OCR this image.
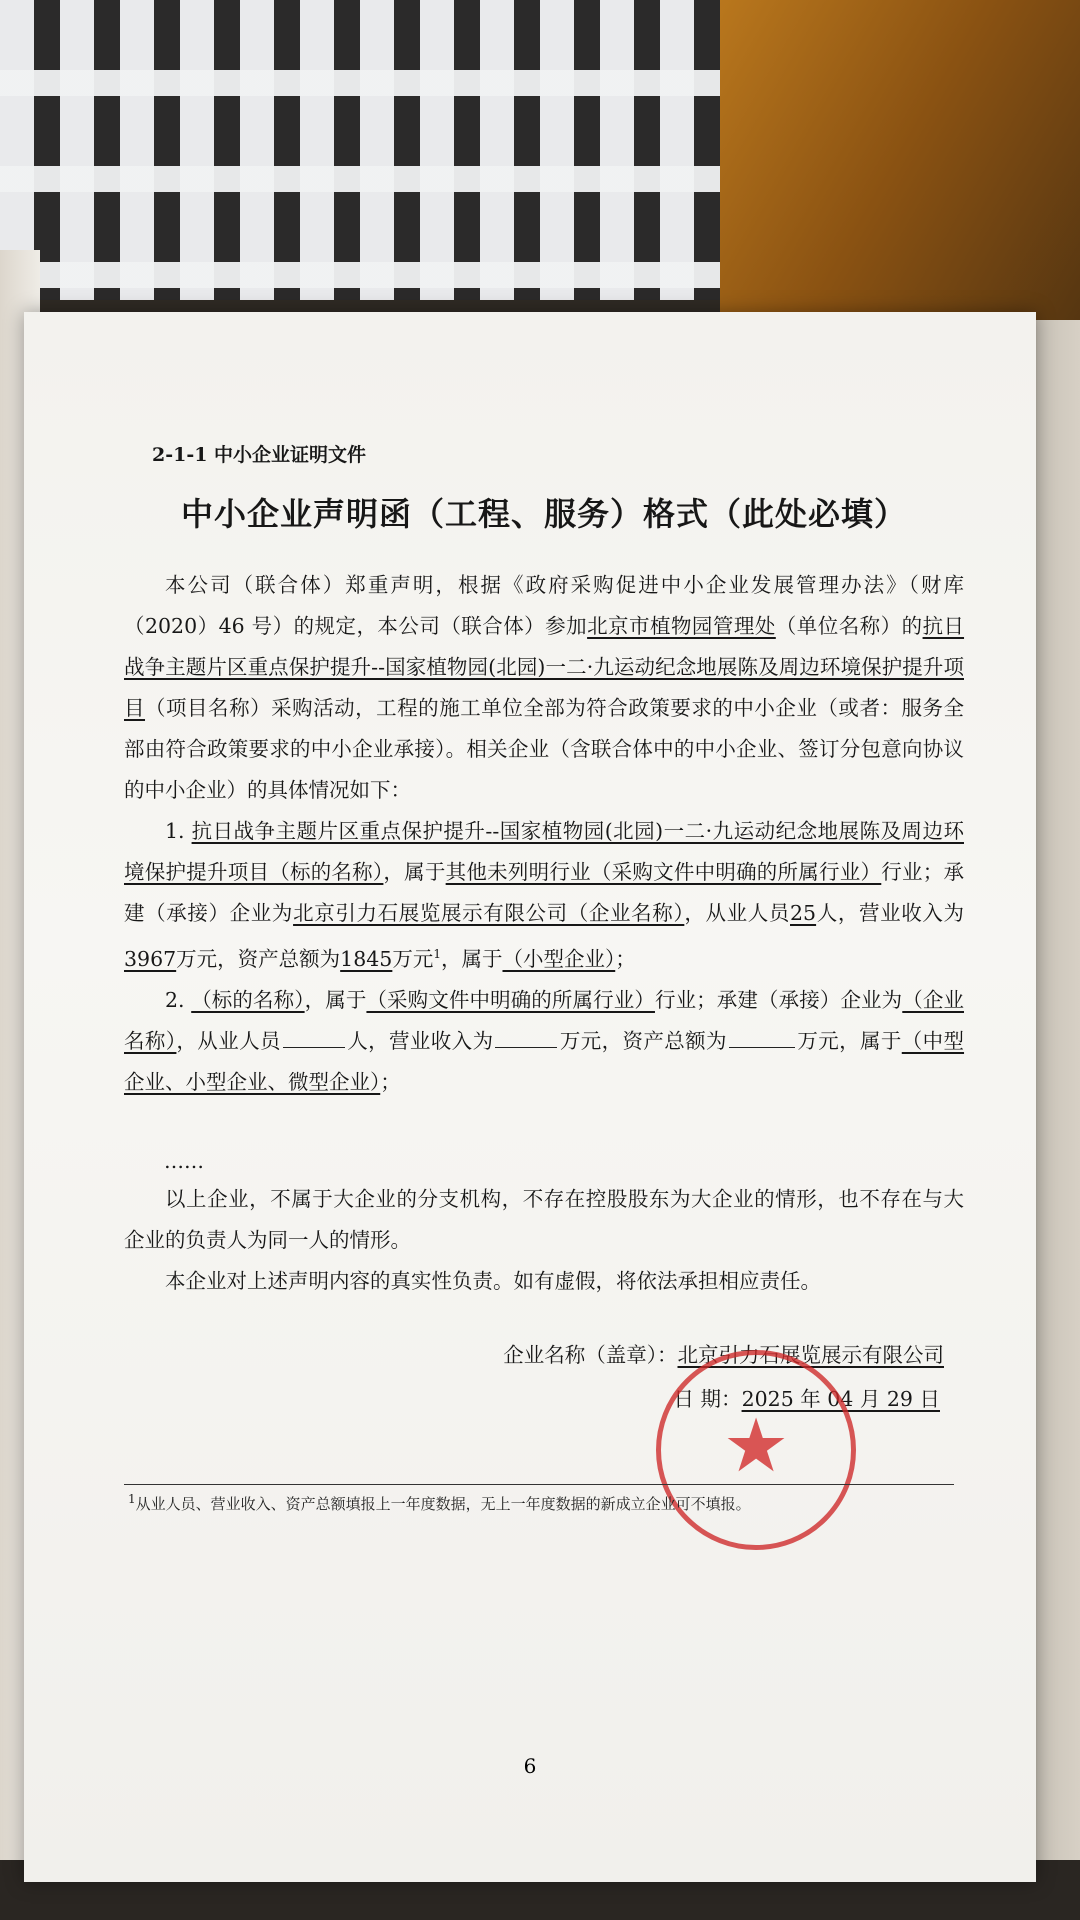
2-1-1 中小企业证明文件
中小企业声明函（工程、服务）格式（此处必填）

本公司（联合体）郑重声明，根据《政府采购促进中小企业发展管理办法》（财库（2020）46 号）的规定，本公司（联合体）参加北京市植物园管理处（单位名称）的抗日战争主题片区重点保护提升--国家植物园(北园)一二·九运动纪念地展陈及周边环境保护提升项目（项目名称）采购活动，工程的施工单位全部为符合政策要求的中小企业（或者：服务全部由符合政策要求的中小企业承接）。相关企业（含联合体中的中小企业、签订分包意向协议的中小企业）的具体情况如下：

1. 抗日战争主题片区重点保护提升--国家植物园(北园)一二·九运动纪念地展陈及周边环境保护提升项目（标的名称），属于其他未列明行业（采购文件中明确的所属行业）行业；承建（承接）企业为北京引力石展览展示有限公司（企业名称），从业人员25人，营业收入为3967万元，资产总额为1845万元$^1$，属于（小型企业）；

2. （标的名称），属于（采购文件中明确的所属行业）行业；承建（承接）企业为（企业名称），从业人员	人，营业收入为	万元，资产总额为	万元，属于（中型企业、小型企业、微型企业）；

……

以上企业，不属于大企业的分支机构，不存在控股股东为大企业的情形，也不存在与大企业的负责人为同一人的情形。

本企业对上述声明内容的真实性负责。如有虚假，将依法承担相应责任。

企业名称（盖章）：北京引力石展览展示有限公司
日 期：2025 年 04 月 29 日
★
$^1$从业人员、营业收入、资产总额填报上一年度数据，无上一年度数据的新成立企业可不填报。
6
